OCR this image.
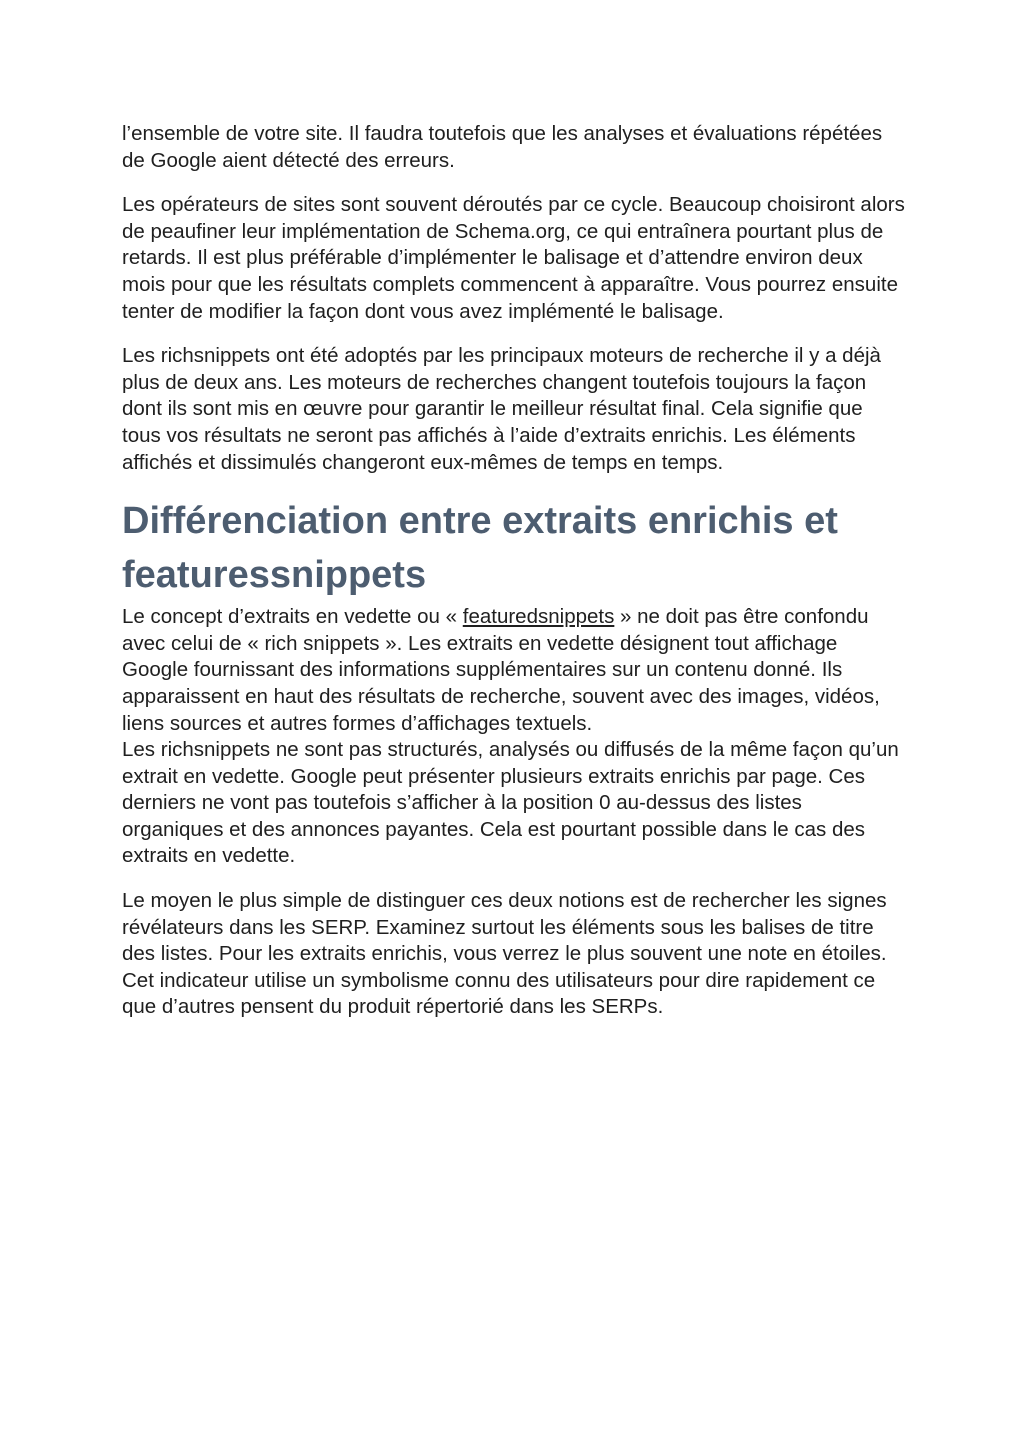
l’ensemble de votre site. Il faudra toutefois que les analyses et évaluations répétées de Google aient détecté des erreurs.

Les opérateurs de sites sont souvent déroutés par ce cycle. Beaucoup choisiront alors de peaufiner leur implémentation de Schema.org, ce qui entraînera pourtant plus de retards. Il est plus préférable d’implémenter le balisage et d’attendre environ deux mois pour que les résultats complets commencent à apparaître. Vous pourrez ensuite tenter de modifier la façon dont vous avez implémenté le balisage.

Les richsnippets ont été adoptés par les principaux moteurs de recherche il y a déjà plus de deux ans. Les moteurs de recherches changent toutefois toujours la façon dont ils sont mis en œuvre pour garantir le meilleur résultat final. Cela signifie que tous vos résultats ne seront pas affichés à l’aide d’extraits enrichis. Les éléments affichés et dissimulés changeront eux-mêmes de temps en temps.

Différenciation entre extraits enrichis et featuressnippets

Le concept d’extraits en vedette ou « featuredsnippets » ne doit pas être confondu avec celui de « rich snippets ». Les extraits en vedette désignent tout affichage Google fournissant des informations supplémentaires sur un contenu donné. Ils apparaissent en haut des résultats de recherche, souvent avec des images, vidéos, liens sources et autres formes d’affichages textuels.

Les richsnippets ne sont pas structurés, analysés ou diffusés de la même façon qu’un extrait en vedette. Google peut présenter plusieurs extraits enrichis par page. Ces derniers ne vont pas toutefois s’afficher à la position 0 au-dessus des listes organiques et des annonces payantes. Cela est pourtant possible dans le cas des extraits en vedette.

Le moyen le plus simple de distinguer ces deux notions est de rechercher les signes révélateurs dans les SERP. Examinez surtout les éléments sous les balises de titre des listes. Pour les extraits enrichis, vous verrez le plus souvent une note en étoiles. Cet indicateur utilise un symbolisme connu des utilisateurs pour dire rapidement ce que d’autres pensent du produit répertorié dans les SERPs.
